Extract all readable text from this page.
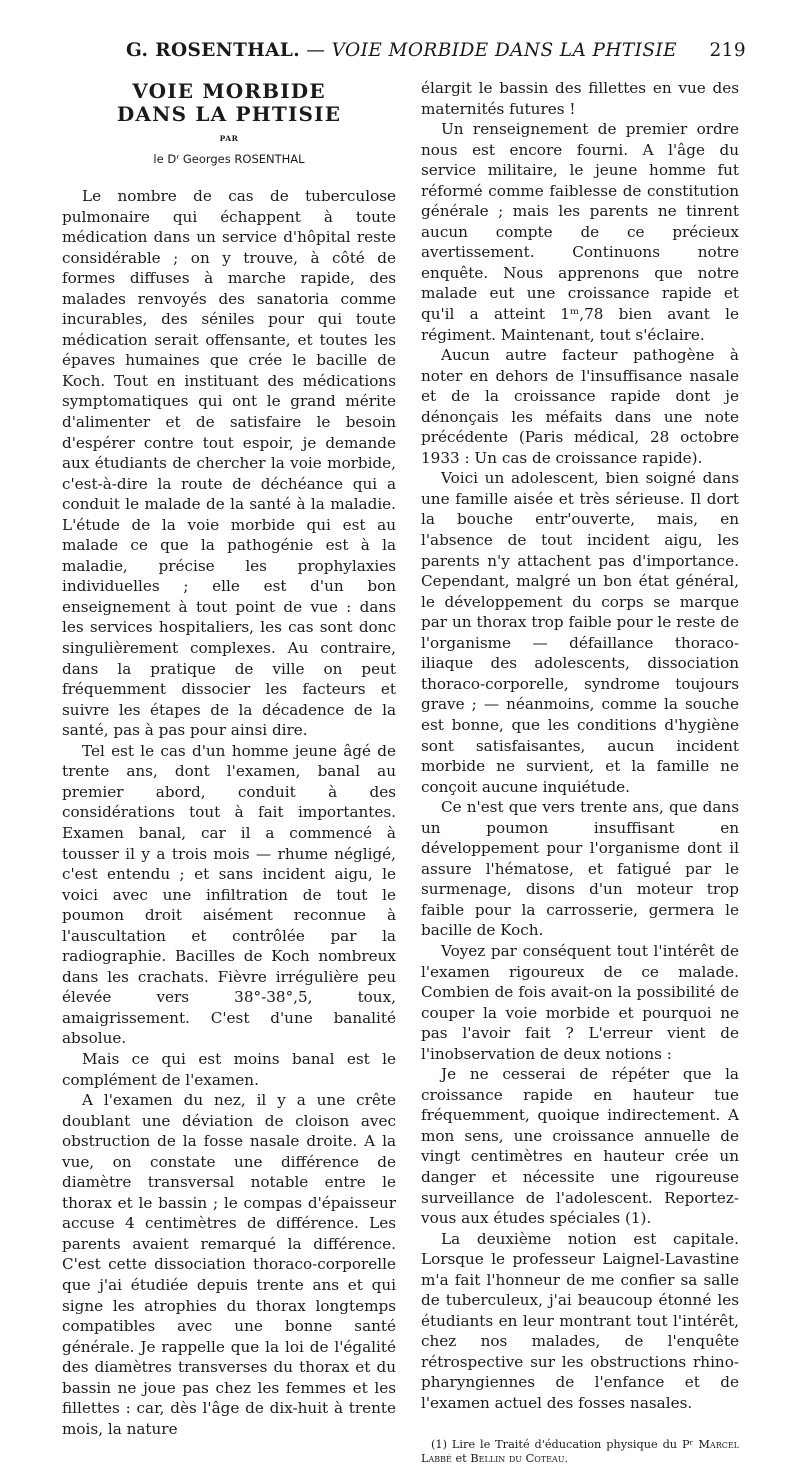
G. ROSENTHAL. — VOIE MORBIDE DANS LA PHTISIE 219
VOIE MORBIDE
DANS LA PHTISIE
PAR
le Dʳ Georges ROSENTHAL

Le nombre de cas de tuberculose pulmonaire qui échappent à toute médication dans un service d'hôpital reste considérable ; on y trouve, à côté de formes diffuses à marche rapide, des malades renvoyés des sanatoria comme incurables, des séniles pour qui toute médication serait offensante, et toutes les épaves humaines que crée le bacille de Koch. Tout en instituant des médications symptomatiques qui ont le grand mérite d'alimenter et de satisfaire le besoin d'espérer contre tout espoir, je demande aux étudiants de chercher la voie morbide, c'est-à-dire la route de déchéance qui a conduit le malade de la santé à la maladie. L'étude de la voie morbide qui est au malade ce que la pathogénie est à la maladie, précise les prophylaxies individuelles ; elle est d'un bon enseignement à tout point de vue : dans les services hospitaliers, les cas sont donc singulièrement complexes. Au contraire, dans la pratique de ville on peut fréquemment dissocier les facteurs et suivre les étapes de la décadence de la santé, pas à pas pour ainsi dire.

Tel est le cas d'un homme jeune âgé de trente ans, dont l'examen, banal au premier abord, conduit à des considérations tout à fait importantes. Examen banal, car il a commencé à tousser il y a trois mois — rhume négligé, c'est entendu ; et sans incident aigu, le voici avec une infiltration de tout le poumon droit aisément reconnue à l'auscultation et contrôlée par la radiographie. Bacilles de Koch nombreux dans les crachats. Fièvre irrégulière peu élevée vers 38°-38°,5, toux, amaigrissement. C'est d'une banalité absolue.

Mais ce qui est moins banal est le complément de l'examen.

A l'examen du nez, il y a une crête doublant une déviation de cloison avec obstruction de la fosse nasale droite. A la vue, on constate une différence de diamètre transversal notable entre le thorax et le bassin ; le compas d'épaisseur accuse 4 centimètres de différence. Les parents avaient remarqué la différence. C'est cette dissociation thoraco-corporelle que j'ai étudiée depuis trente ans et qui signe les atrophies du thorax longtemps compatibles avec une bonne santé générale. Je rappelle que la loi de l'égalité des diamètres transverses du thorax et du bassin ne joue pas chez les femmes et les fillettes : car, dès l'âge de dix-huit à trente mois, la nature

élargit le bassin des fillettes en vue des maternités futures !

Un renseignement de premier ordre nous est encore fourni. A l'âge du service militaire, le jeune homme fut réformé comme faiblesse de constitution générale ; mais les parents ne tinrent aucun compte de ce précieux avertissement. Continuons notre enquête. Nous apprenons que notre malade eut une croissance rapide et qu'il a atteint 1ᵐ,78 bien avant le régiment. Maintenant, tout s'éclaire.

Aucun autre facteur pathogène à noter en dehors de l'insuffisance nasale et de la croissance rapide dont je dénonçais les méfaits dans une note précédente (Paris médical, 28 octobre 1933 : Un cas de croissance rapide).

Voici un adolescent, bien soigné dans une famille aisée et très sérieuse. Il dort la bouche entr'ouverte, mais, en l'absence de tout incident aigu, les parents n'y attachent pas d'importance. Cependant, malgré un bon état général, le développement du corps se marque par un thorax trop faible pour le reste de l'organisme — défaillance thoraco-iliaque des adolescents, dissociation thoraco-corporelle, syndrome toujours grave ; — néanmoins, comme la souche est bonne, que les conditions d'hygiène sont satisfaisantes, aucun incident morbide ne survient, et la famille ne conçoit aucune inquiétude.

Ce n'est que vers trente ans, que dans un poumon insuffisant en développement pour l'organisme dont il assure l'hématose, et fatigué par le surmenage, disons d'un moteur trop faible pour la carrosserie, germera le bacille de Koch.

Voyez par conséquent tout l'intérêt de l'examen rigoureux de ce malade. Combien de fois avait-on la possibilité de couper la voie morbide et pourquoi ne pas l'avoir fait ? L'erreur vient de l'inobservation de deux notions :

Je ne cesserai de répéter que la croissance rapide en hauteur tue fréquemment, quoique indirectement. A mon sens, une croissance annuelle de vingt centimètres en hauteur crée un danger et nécessite une rigoureuse surveillance de l'adolescent. Reportez-vous aux études spéciales (1).

La deuxième notion est capitale. Lorsque le professeur Laignel-Lavastine m'a fait l'honneur de me confier sa salle de tuberculeux, j'ai beaucoup étonné les étudiants en leur montrant tout l'intérêt, chez nos malades, de l'enquête rétrospective sur les obstructions rhino-pharyngiennes de l'enfance et de l'examen actuel des fosses nasales.

(1) Lire le Traité d'éducation physique du Pʳ Marcel Labbé et Bellin du Coteau.
